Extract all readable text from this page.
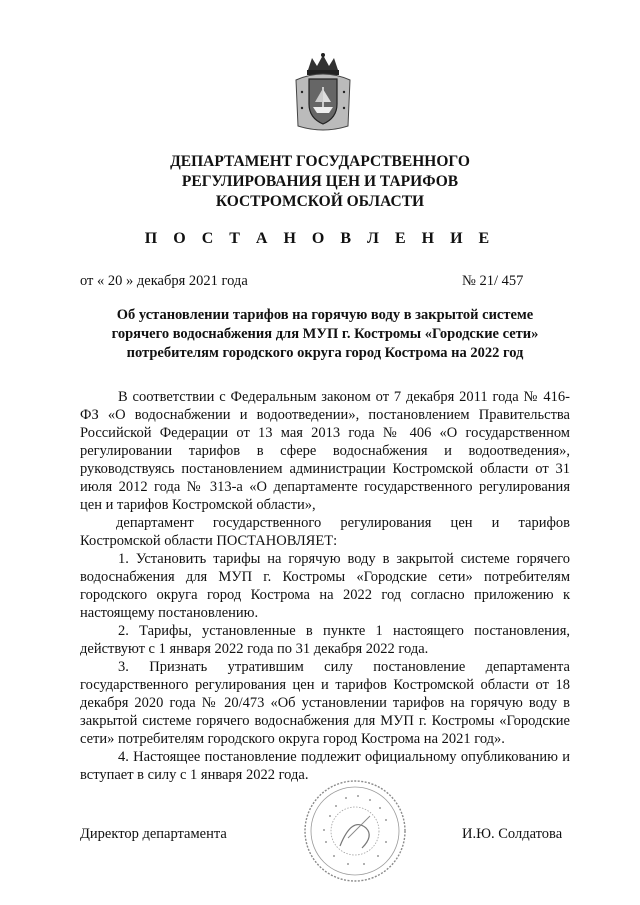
ДЕПАРТАМЕНТ ГОСУДАРСТВЕННОГО
РЕГУЛИРОВАНИЯ ЦЕН И ТАРИФОВ
КОСТРОМСКОЙ ОБЛАСТИ
П О С Т А Н О В Л Е Н И Е
от « 20 » декабря 2021 года	№ 21/ 457
Об установлении тарифов на горячую воду в закрытой системе
горячего водоснабжения для МУП г. Костромы «Городские сети»
потребителям городского округа город Кострома на 2022 год

В соответствии с Федеральным законом от 7 декабря 2011 года № 416-ФЗ «О водоснабжении и водоотведении», постановлением Правительства Российской Федерации от 13 мая 2013 года № 406 «О государственном регулировании тарифов в сфере водоснабжения и водоотведения», руководствуясь постановлением администрации Костромской области от 31 июля 2012 года № 313-а «О департаменте государственного регулирования цен и тарифов Костромской области»,

департамент государственного регулирования цен и тарифов Костромской области ПОСТАНОВЛЯЕТ:

1. Установить тарифы на горячую воду в закрытой системе горячего водоснабжения для МУП г. Костромы «Городские сети» потребителям городского округа город Кострома на 2022 год согласно приложению к настоящему постановлению.

2. Тарифы, установленные в пункте 1 настоящего постановления, действуют с 1 января 2022 года по 31 декабря 2022 года.

3. Признать утратившим силу постановление департамента государственного регулирования цен и тарифов Костромской области от 18 декабря 2020 года № 20/473 «Об установлении тарифов на горячую воду в закрытой системе горячего водоснабжения для МУП г. Костромы «Городские сети» потребителям городского округа город Кострома на 2021 год».

4. Настоящее постановление подлежит официальному опубликованию и вступает в силу с 1 января 2022 года.

Директор департамента	И.Ю. Солдатова
